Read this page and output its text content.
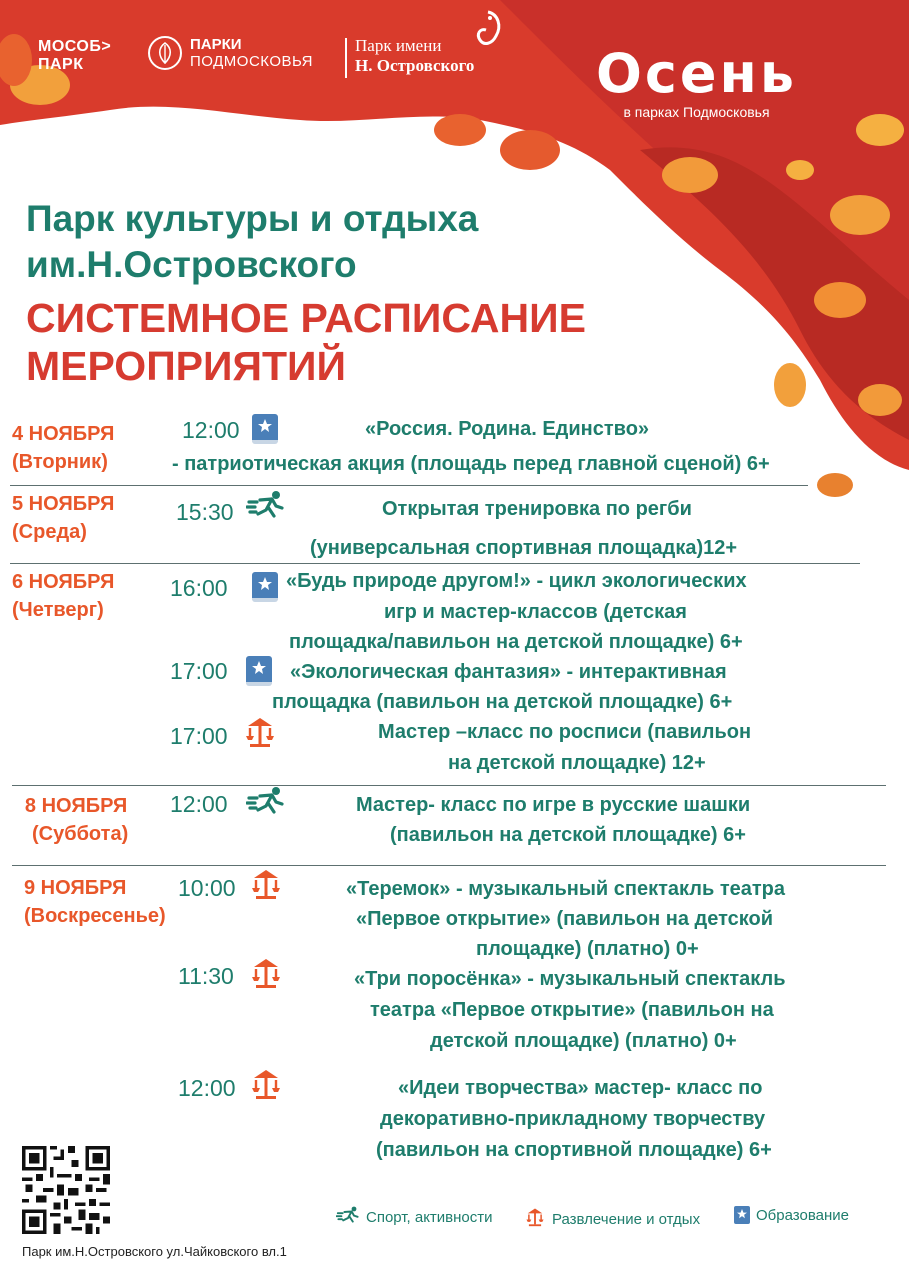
МОСОБ>
ПАРК
ПАРКИ
ПОДМОСКОВЬЯ
Парк имени
Н. Островского Осень
в парках Подмосковья
Парк культуры и отдыха
им.Н.Островского
СИСТЕМНОЕ РАСПИСАНИЕ
МЕРОПРИЯТИЙ
4 НОЯБРЯ
(Вторник)
12:00	«Россия. Родина. Единство»
- патриотическая акция (площадь перед главной сценой) 6+
5 НОЯБРЯ
(Среда)
15:30	Открытая тренировка по регби
(универсальная спортивная площадка)12+
6 НОЯБРЯ
(Четверг)
16:00	«Будь природе другом!» - цикл экологических
игр и мастер-классов (детская
площадка/павильон на детской площадке) 6+
17:00	«Экологическая фантазия» - интерактивная
площадка (павильон на детской площадке) 6+
17:00	Мастер –класс по росписи (павильон
на детской площадке) 12+
8 НОЯБРЯ
(Суббота)
12:00	Мастер- класс по игре в русские шашки
(павильон на детской площадке) 6+
9 НОЯБРЯ
(Воскресенье)
10:00	«Теремок» - музыкальный спектакль театра
«Первое открытие» (павильон на детской
площадке) (платно) 0+
11:30	«Три поросёнка» - музыкальный спектакль
театра «Первое открытие» (павильон на
детской площадке) (платно) 0+
12:00	«Идеи творчества» мастер- класс по
декоративно-прикладному творчеству
(павильон на спортивной площадке) 6+
Спорт, активности	Развлечение и отдых	Образование
Парк им.Н.Островского ул.Чайковского вл.1
